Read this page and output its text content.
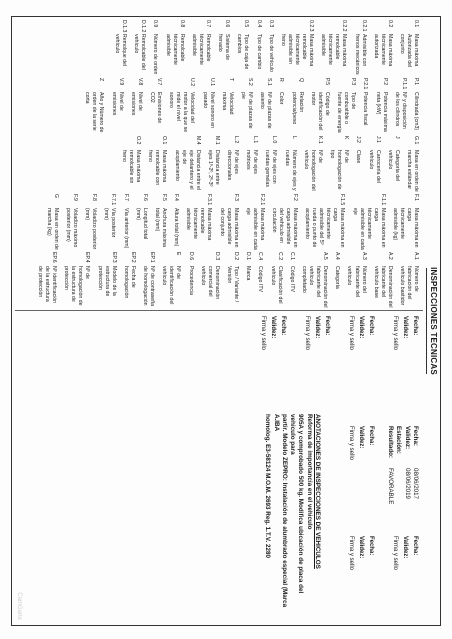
INSPECCIONES TECNICAS
Fecha:08/06/2017
Validez:08/06/2019
Estación:
Resultado:FAVORABLE
Fecha:
Validez:
Firma y sello
Fecha:
Validez:
Firma y sello
Fecha:
Validez:
Firma y sello
Fecha:
Validez:
Firma y sello
Fecha:
Validez:
Firma y sello
Fecha:
Validez:
Firma y sello
Fecha:
Validez:
Firma y sello
ANOTACIONES DE INSPECCIONES DE VEHICULOS
Reforma de importancia en el vehiculo
905A y comprobado 500 kg. Modifica ubicación de placa del vehiculo para
partir. Modelo ZEPRO: Instalación de alumbrado especial (Marca A.IBA
homolog. E3-58124 M.O.M. 2693 Reg. 1.T.V. 2280
A.1
Número de fabricación del vehículo bastidor
A.2
Denominación del fabricante del vehículo base
A.3
Número del fabricante del vehículo
A.4
Categoría
A.5
Denominación del fabricante del vehículo completado
C.1
Código ITV
C.2
Clasificación del vehículo
C.4
Código ITV
D.1
Marca
D.2
Tipo / Variante / Versión
D.3
Denominación comercial del vehículo
D.6
Procedencia
E
Nº de identificación del vehículo
EP.1
Nº de contraseña de homologación
EP.2
Fecha de homologación
EP.3
Modelo de la estructura de protección
EP.4
Nº de homologación de la estructura de protección
EP.6
Nº identificación de la estructura de protección
F.1
Masa máxima en carga técnicamente admisible (kg)
F.1.1
Masa máxima en carga técnicamente admisible en cada eje
F.1.5
Masa máxima en carga técnicamente admisible del 5º rueda o punto de acoplamiento
F.2
Masa máxima en carga admisible del vehículo en circulación
F.2.1
Masa máxima admisible en cada eje
F.3
Masa máxima en carga admisible del conjunto
F.3.1
Masa máxima remolcable técnicamente admisible
F.4
Altura total (mm)
F.5
Anchura máxima total (mm)
F.6
Longitud total (mm)
F.7
Vía anterior (mm)
F.7.1
Vía posterior (mm)
F.8
Voladizo posterior (mm)
F.9
Voladizo máximo posterior (mm)
G
Masa en orden de marcha (kg)
G.1
Masa en orden de marcha estándar
J
Categoría del vehículo
J.1
Carrocería del vehículo
J.2
Clase
K
Nº de homologación de tipo
K.1
Nº de homologación del vehículo
L
Número de ejes y ruedas
L.0
Nº de ejes con ruedas gemelas
L.1
Nº de ejes motrices
L.2
Nº de ejes direccionales
M.1
Distancia entre ejes 1º-2º, 2º-3º
M.4
Distancia entre el eje delantero y el eje de acoplamiento
O.1
Masa máxima remolcable con freno
O.2
Masa máxima remolcable sin freno
P.1
Cilindrada (cm3)
P.1.1
Nº y disposición de los cilindros
P.2
Potencia máxima neta (kW)
P.2.1
Potencia fiscal
P.3
Tipo de combustible o fuente de energía
P.5
Código de identificación del motor
Q
Relación potencia/peso
R
Color
S.1
Nº de plazas de asiento
S.2
Nº de plazas de pie
T
Velocidad máxima
U.1
Nivel sonoro en parado
U.2
Velocidad del motor a la que se mide el nivel sonoro
V.7
Emisiones de CO2
V.8
Nivel de emisiones
V.9
Nivel de emisiones
Z
Año y Número de orden de la serie corta
0.1
Masa máxima Autorizada del conjunto
0.2
Masa máxima técnicamente autorizada
0.2.1
Admisible con frenos mecánicos
0.2.2
Masa máxima remolcable técnicamente admisible
0.2.3
Masa máxima remolcable técnicamente admisible sin freno
0.3
Tipo de vehículo
0.4
Tipo de cambio
0.5
Tipo de caja de cambios
0.6
Sistema de frenado
0.7
Remolcable técnicamente admisible
0.8
Remolcable técnicamente admisible
0.9
Número de orden
D.1.2
Remolcable del vehículo
D.1.3
Remolque del vehículo
CamGarte
